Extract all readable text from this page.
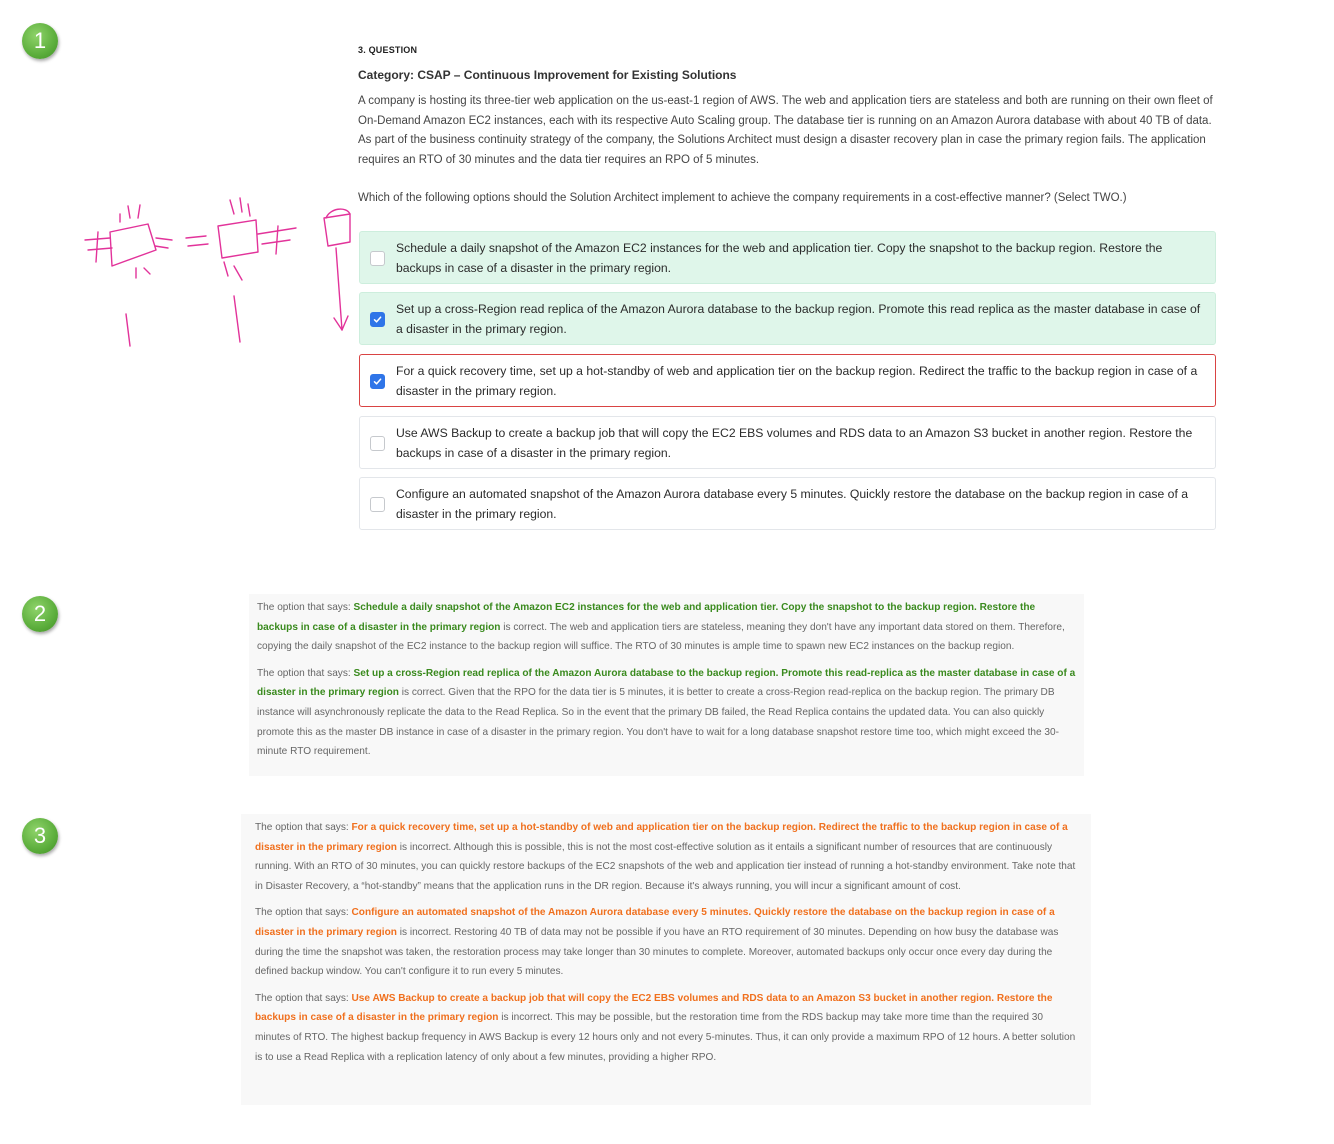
1
2
3
3. QUESTION
Category: CSAP – Continuous Improvement for Existing Solutions

A company is hosting its three-tier web application on the us-east-1 region of AWS. The web and application tiers are stateless and both are running on their own fleet of On-Demand Amazon EC2 instances, each with its respective Auto Scaling group. The database tier is running on an Amazon Aurora database with about 40 TB of data. As part of the business continuity strategy of the company, the Solutions Architect must design a disaster recovery plan in case the primary region fails. The application requires an RTO of 30 minutes and the data tier requires an RPO of 5 minutes.

Which of the following options should the Solution Architect implement to achieve the company requirements in a cost-effective manner? (Select TWO.)
Schedule a daily snapshot of the Amazon EC2 instances for the web and application tier. Copy the snapshot to the backup region. Restore the backups in case of a disaster in the primary region.
Set up a cross-Region read replica of the Amazon Aurora database to the backup region. Promote this read replica as the master database in case of a disaster in the primary region.
For a quick recovery time, set up a hot-standby of web and application tier on the backup region. Redirect the traffic to the backup region in case of a disaster in the primary region.
Use AWS Backup to create a backup job that will copy the EC2 EBS volumes and RDS data to an Amazon S3 bucket in another region. Restore the backups in case of a disaster in the primary region.
Configure an automated snapshot of the Amazon Aurora database every 5 minutes. Quickly restore the database on the backup region in case of a disaster in the primary region.

The option that says: Schedule a daily snapshot of the Amazon EC2 instances for the web and application tier. Copy the snapshot to the backup region. Restore the backups in case of a disaster in the primary region is correct. The web and application tiers are stateless, meaning they don't have any important data stored on them. Therefore, copying the daily snapshot of the EC2 instance to the backup region will suffice. The RTO of 30 minutes is ample time to spawn new EC2 instances on the backup region.

The option that says: Set up a cross-Region read replica of the Amazon Aurora database to the backup region. Promote this read-replica as the master database in case of a disaster in the primary region is correct. Given that the RPO for the data tier is 5 minutes, it is better to create a cross-Region read-replica on the backup region. The primary DB instance will asynchronously replicate the data to the Read Replica. So in the event that the primary DB failed, the Read Replica contains the updated data. You can also quickly promote this as the master DB instance in case of a disaster in the primary region. You don't have to wait for a long database snapshot restore time too, which might exceed the 30-minute RTO requirement.

The option that says: For a quick recovery time, set up a hot-standby of web and application tier on the backup region. Redirect the traffic to the backup region in case of a disaster in the primary region is incorrect. Although this is possible, this is not the most cost-effective solution as it entails a significant number of resources that are continuously running. With an RTO of 30 minutes, you can quickly restore backups of the EC2 snapshots of the web and application tier instead of running a hot-standby environment. Take note that in Disaster Recovery, a “hot-standby” means that the application runs in the DR region. Because it's always running, you will incur a significant amount of cost.

The option that says: Configure an automated snapshot of the Amazon Aurora database every 5 minutes. Quickly restore the database on the backup region in case of a disaster in the primary region is incorrect. Restoring 40 TB of data may not be possible if you have an RTO requirement of 30 minutes. Depending on how busy the database was during the time the snapshot was taken, the restoration process may take longer than 30 minutes to complete. Moreover, automated backups only occur once every day during the defined backup window. You can't configure it to run every 5 minutes.

The option that says: Use AWS Backup to create a backup job that will copy the EC2 EBS volumes and RDS data to an Amazon S3 bucket in another region. Restore the backups in case of a disaster in the primary region is incorrect. This may be possible, but the restoration time from the RDS backup may take more time than the required 30 minutes of RTO. The highest backup frequency in AWS Backup is every 12 hours only and not every 5-minutes. Thus, it can only provide a maximum RPO of 12 hours. A better solution is to use a Read Replica with a replication latency of only about a few minutes, providing a higher RPO.
